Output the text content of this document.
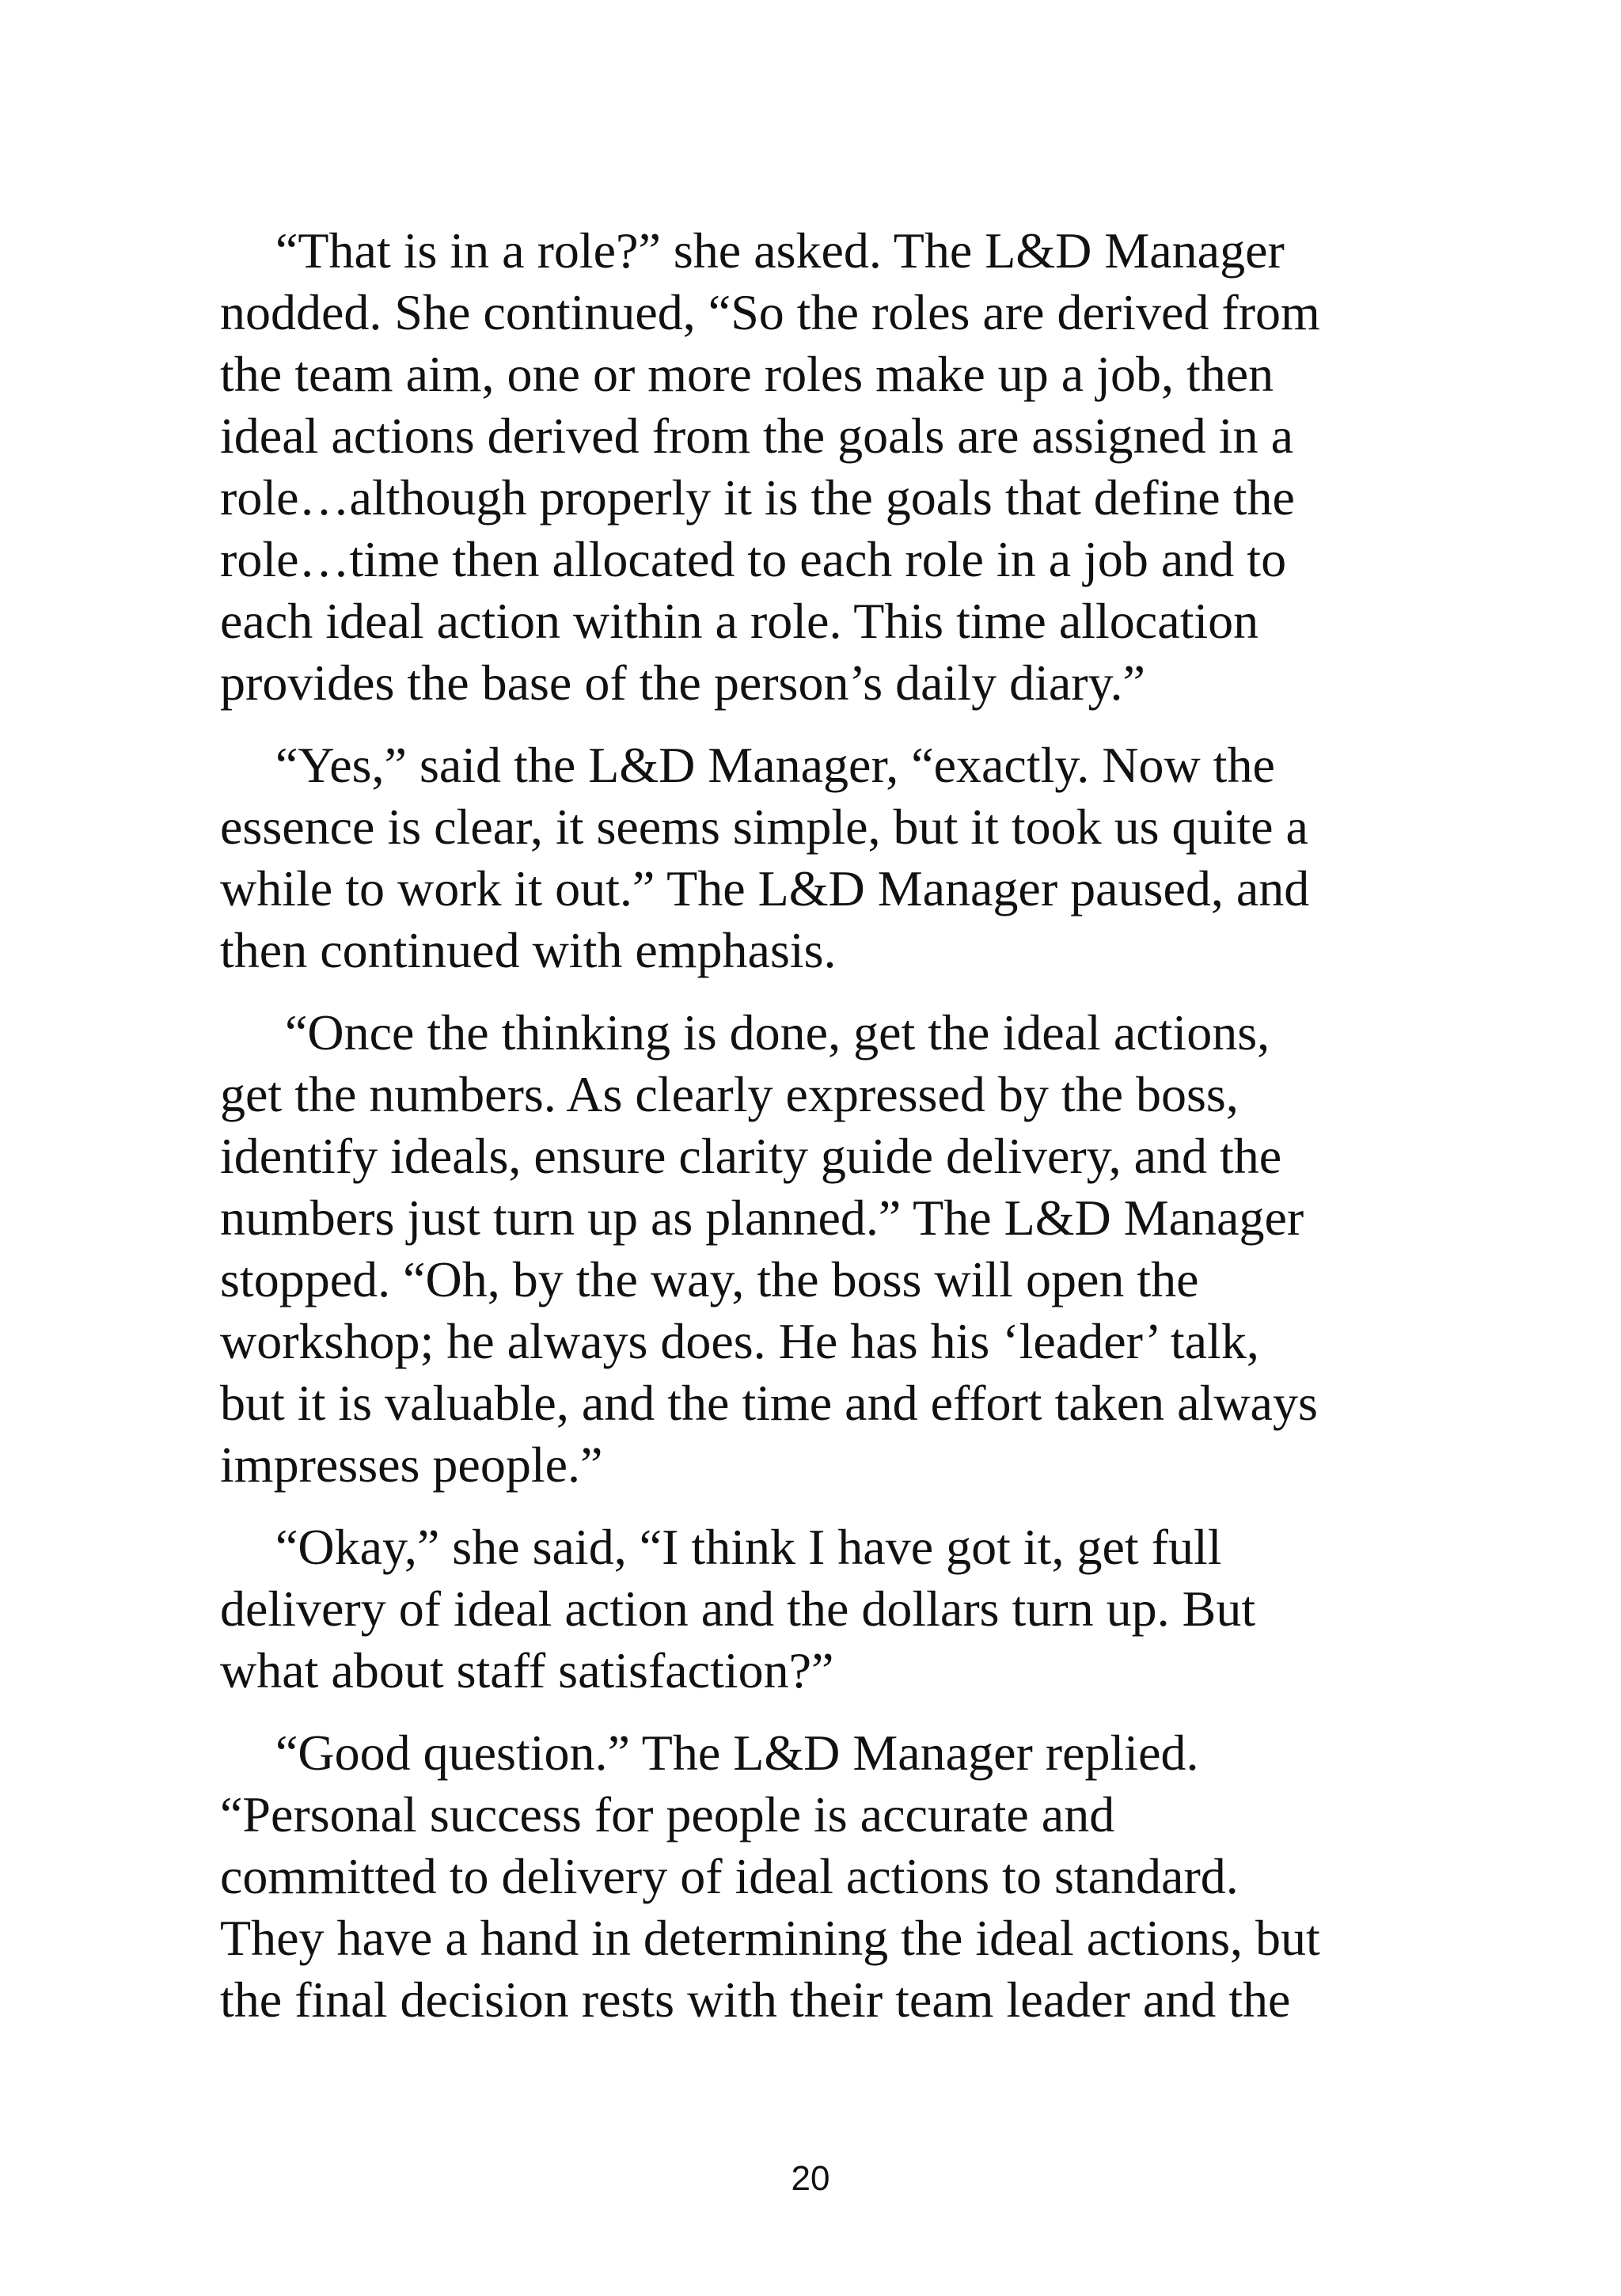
“That is in a role?” she asked. The L&D Manager
nodded. She continued, “So the roles are derived from
the team aim, one or more roles make up a job, then
ideal actions derived from the goals are assigned in a
role…although properly it is the goals that define the
role…time then allocated to each role in a job and to
each ideal action within a role. This time allocation
provides the base of the person’s daily diary.”

“Yes,” said the L&D Manager, “exactly. Now the
essence is clear, it seems simple, but it took us quite a
while to work it out.” The L&D Manager paused, and
then continued with emphasis.

“Once the thinking is done, get the ideal actions,
get the numbers. As clearly expressed by the boss,
identify ideals, ensure clarity guide delivery, and the
numbers just turn up as planned.” The L&D Manager
stopped. “Oh, by the way, the boss will open the
workshop; he always does. He has his ‘leader’ talk,
but it is valuable, and the time and effort taken always
impresses people.”

“Okay,” she said, “I think I have got it, get full
delivery of ideal action and the dollars turn up. But
what about staff satisfaction?”

“Good question.” The L&D Manager replied.
“Personal success for people is accurate and
committed to delivery of ideal actions to standard.
They have a hand in determining the ideal actions, but
the final decision rests with their team leader and the

20
